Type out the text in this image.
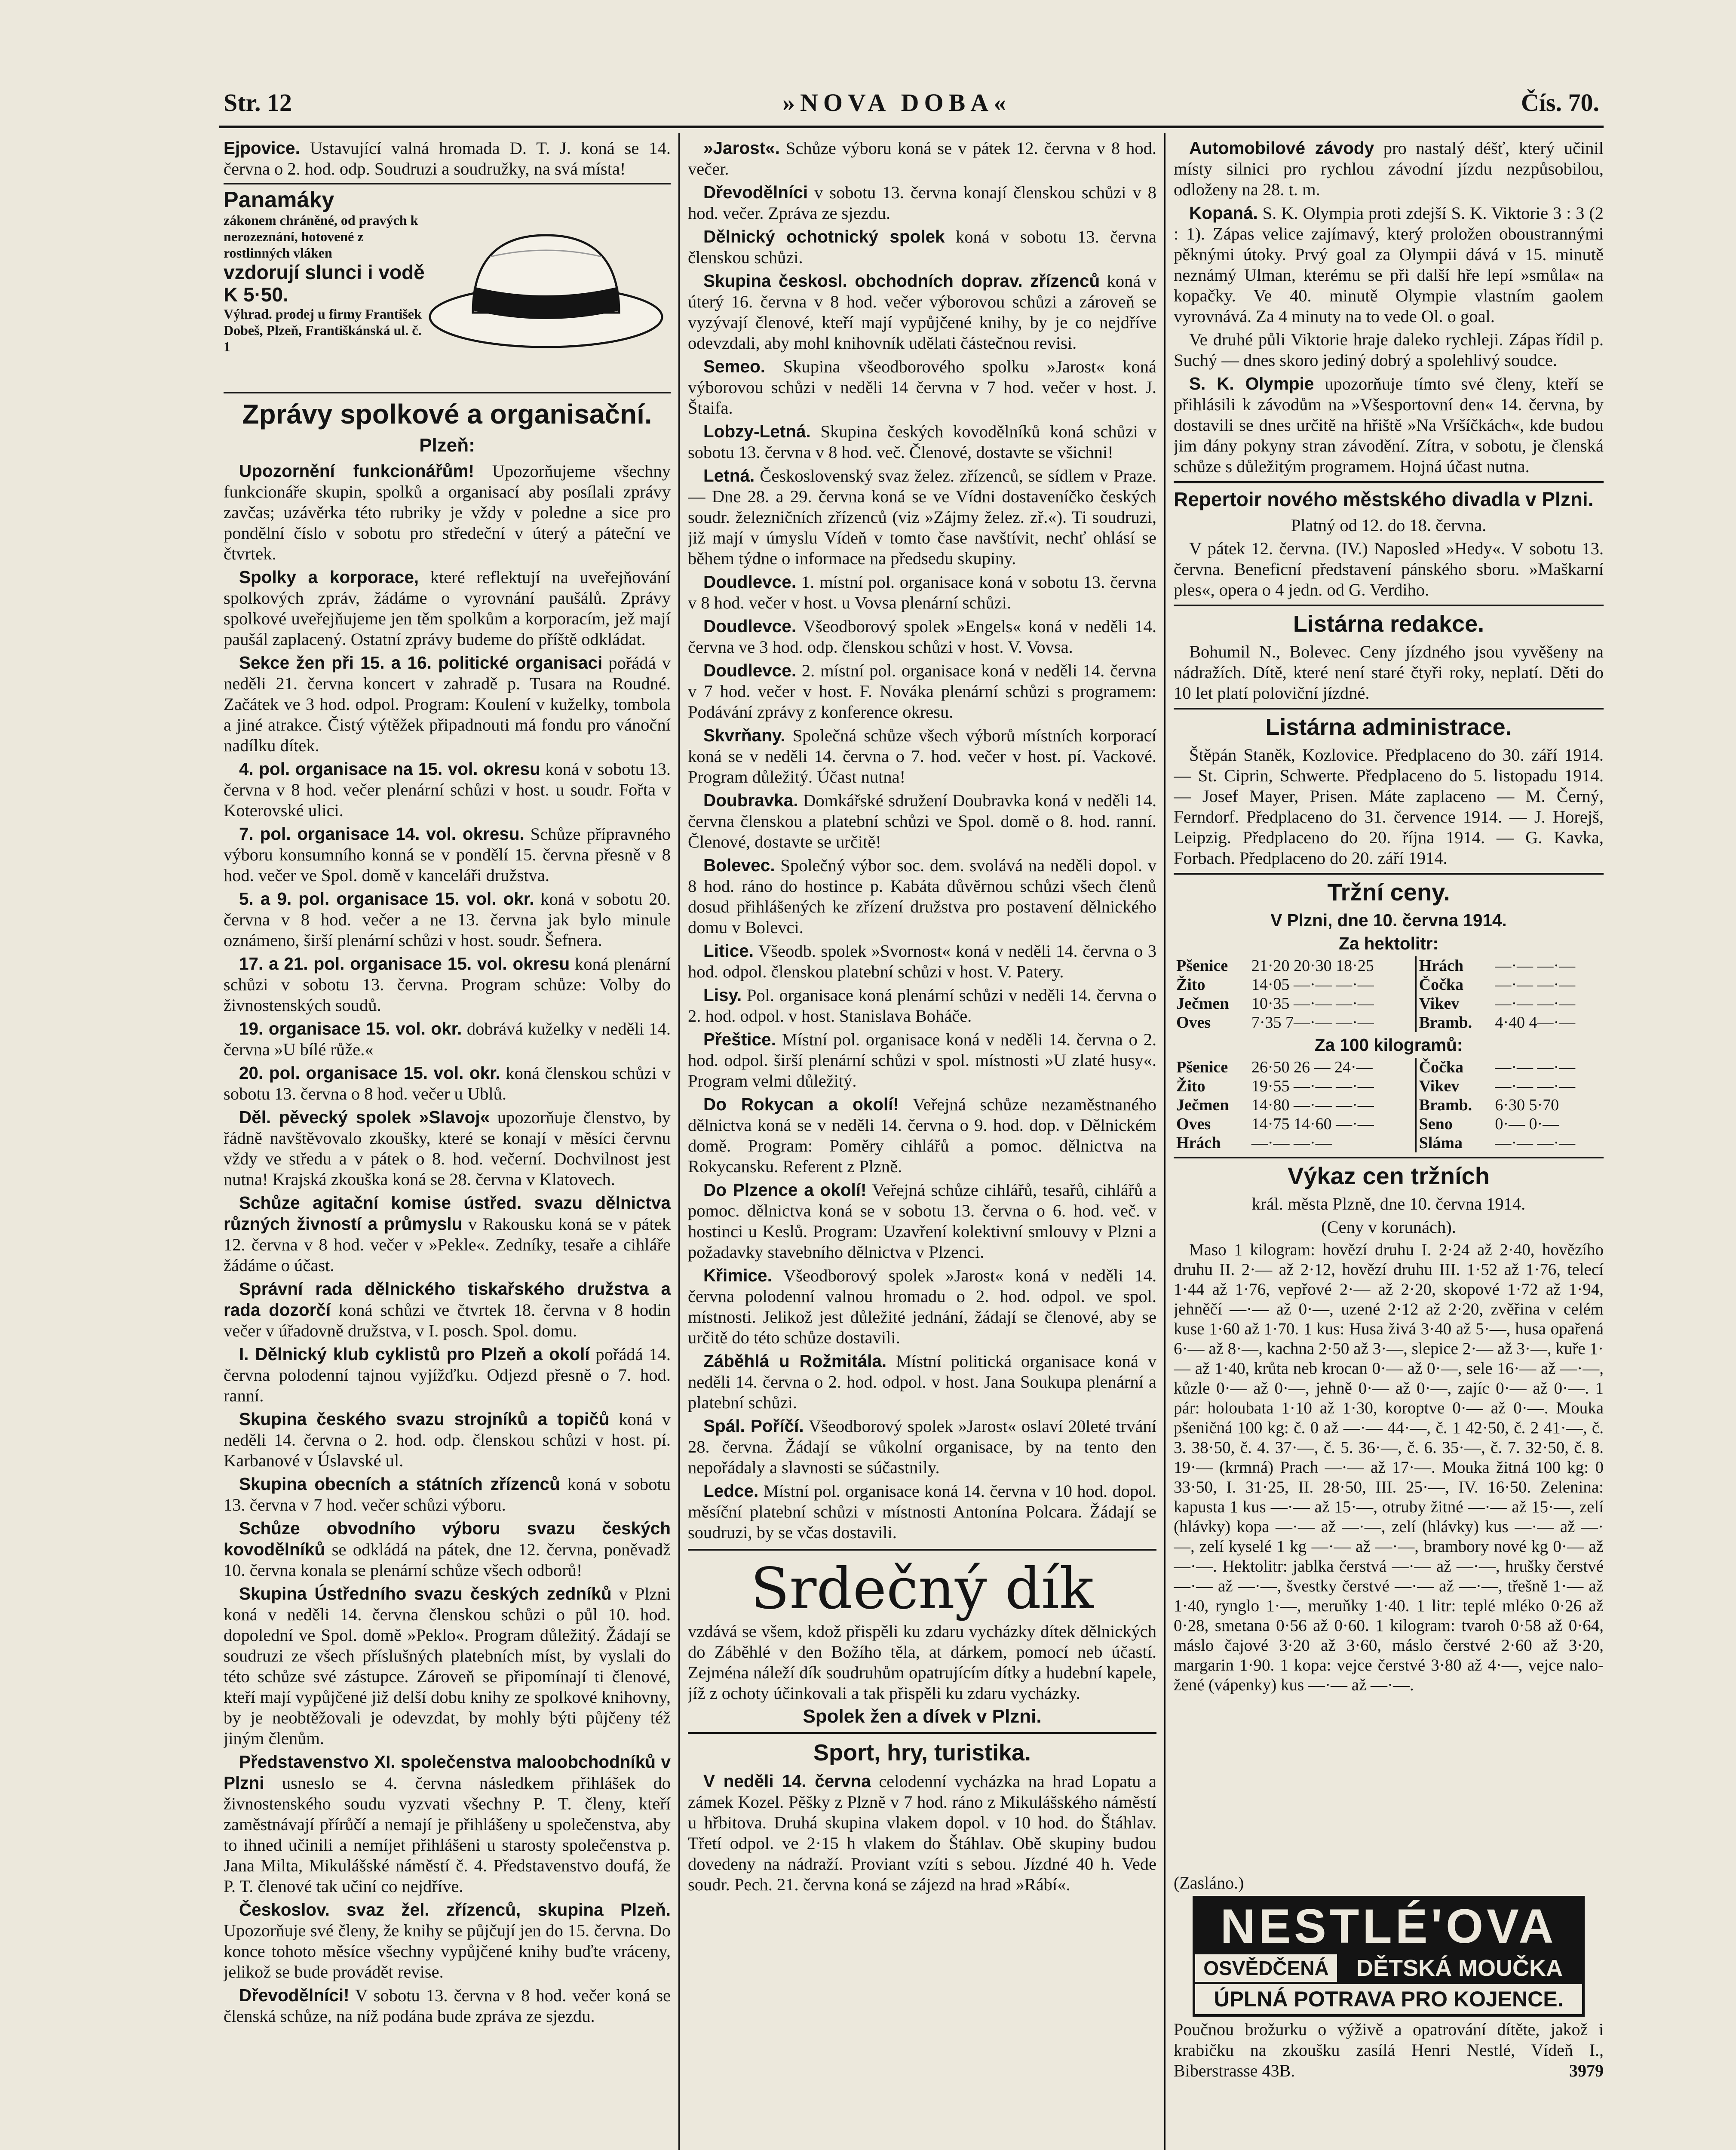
Str. 12	»NOVA DOBA«	Čís. 70.

Ejpovice. Ustavující valná hromada D. T. J. koná se 14. června o 2. hod. odp. Soudruzi a soudružky, na svá místa!

Panamáky
zákonem chráněné, od pravých k nerozeznání, hotovené z rostlinných vláken
vzdorují slunci i vodě K 5·50.
Výhrad. prodej u firmy František Dobeš, Plzeň, Františkánská ul. č. 1
Zprávy spolkové a organisační.
Plzeň:

Upozornění funkcionářům! Upozorňujeme všechny funkcionáře skupin, spolků a organisací aby posílali zprávy zavčas; uzávěrka této rubriky je vždy v poledne a sice pro pondělní číslo v sobotu pro středeční v úterý a páteční ve čtvrtek.

Spolky a korporace, které reflektují na uveřejňování spolkových zpráv, žádáme o vyrovnání paušálů. Zprávy spolkové uveřejňujeme jen těm spolkům a korporacím, jež mají paušál zaplacený. Ostatní zprávy budeme do příště odkládat.

Sekce žen při 15. a 16. politické organisaci pořádá v neděli 21. června koncert v zahradě p. Tusara na Roudné. Začátek ve 3 hod. odpol. Program: Koulení v kuželky, tombola a jiné atrakce. Čistý výtěžek připadnouti má fondu pro vánoční nadílku dítek.

4. pol. organisace na 15. vol. okresu koná v sobotu 13. června v 8 hod. večer plenární schůzi v host. u soudr. Fořta v Koterovské ulici.

7. pol. organisace 14. vol. okresu. Schůze přípravného výboru konsumního konná se v pondělí 15. června přesně v 8 hod. večer ve Spol. domě v kanceláři družstva.

5. a 9. pol. organisace 15. vol. okr. koná v sobotu 20. června v 8 hod. večer a ne 13. června jak bylo minule oznámeno, širší plenární schůzi v host. soudr. Šefnera.

17. a 21. pol. organisace 15. vol. okresu koná plenární schůzi v sobotu 13. června. Program schůze: Volby do živnostenských soudů.

19. organisace 15. vol. okr. dobrává kuželky v neděli 14. června »U bílé růže.«

20. pol. organisace 15. vol. okr. koná členskou schůzi v sobotu 13. června o 8 hod. večer u Ublů.

Děl. pěvecký spolek »Slavoj« upozorňuje členstvo, by řádně navštěvovalo zkoušky, které se konají v měsíci červnu vždy ve středu a v pátek o 8. hod. večerní. Dochvilnost jest nutna! Krajská zkouška koná se 28. června v Klatovech.

Schůze agitační komise ústřed. svazu dělnictva různých živností a průmyslu v Rakousku koná se v pátek 12. června v 8 hod. večer v »Pekle«. Zedníky, tesaře a cihláře žádáme o účast.

Správní rada dělnického tiskařského družstva a rada dozorčí koná schůzi ve čtvrtek 18. června v 8 hodin večer v úřadovně družstva, v I. posch. Spol. domu.

I. Dělnický klub cyklistů pro Plzeň a okolí pořádá 14. června polodenní tajnou vyjížďku. Odjezd přesně o 7. hod. ranní.

Skupina českého svazu strojníků a topičů koná v neděli 14. června o 2. hod. odp. členskou schůzi v host. pí. Karbanové v Úslavské ul.

Skupina obecních a státních zřízenců koná v sobotu 13. června v 7 hod. večer schůzi výboru.

Schůze obvodního výboru svazu českých kovodělníků se odkládá na pátek, dne 12. června, poněvadž 10. června konala se plenární schůze všech odborů!

Skupina Ústředního svazu českých zedníků v Plzni koná v neděli 14. června členskou schůzi o půl 10. hod. dopolední ve Spol. domě »Peklo«. Program důležitý. Žádají se soudruzi ze všech příslušných platebních míst, by vyslali do této schůze své zástupce. Zároveň se připomínají ti členové, kteří mají vypůjčené již delší dobu knihy ze spolkové knihovny, by je neobtěžovali je odevzdat, by mohly býti půjčeny též jiným členům.

Představenstvo XI. společenstva maloobchodníků v Plzni usneslo se 4. června následkem přihlášek do živnostenského soudu vyzvati všechny P. T. členy, kteří zaměstnávají přírůčí a nemají je přihlášeny u společenstva, aby to ihned učinili a nemíjet přihlášeni u starosty společenstva p. Jana Milta, Mikulášské náměstí č. 4. Představenstvo doufá, že P. T. členové tak učiní co nejdříve.

Českoslov. svaz žel. zřízenců, skupina Plzeň. Upozorňuje své členy, že knihy se půjčují jen do 15. června. Do konce tohoto měsíce všechny vypůjčené knihy buďte vráceny, jelikož se bude provádět revise.

Dřevodělníci! V sobotu 13. června v 8 hod. večer koná se členská schůze, na níž podána bude zpráva ze sjezdu.

»Jarost«. Schůze výboru koná se v pátek 12. června v 8 hod. večer.

Dřevodělníci v sobotu 13. června konají členskou schůzi v 8 hod. večer. Zpráva ze sjezdu.

Dělnický ochotnický spolek koná v sobotu 13. června členskou schůzi.

Skupina českosl. obchodních doprav. zřízenců koná v úterý 16. června v 8 hod. večer výborovou schůzi a zároveň se vyzývají členové, kteří mají vypůjčené knihy, by je co nejdříve odevzdali, aby mohl knihovník udělati částečnou revisi.

Semeo. Skupina všeodborového spolku »Jarost« koná výborovou schůzi v neděli 14 června v 7 hod. večer v host. J. Štaifa.

Lobzy-Letná. Skupina českých kovodělníků koná schůzi v sobotu 13. června v 8 hod. več. Členové, dostavte se všichni!

Letná. Československý svaz želez. zřízenců, se sídlem v Praze. — Dne 28. a 29. června koná se ve Vídni dostaveníčko českých soudr. železničních zřízenců (viz »Zájmy želez. zř.«). Ti soudruzi, již mají v úmyslu Vídeň v tomto čase navštívit, nechť ohlásí se během týdne o informace na předsedu skupiny.

Doudlevce. 1. místní pol. organisace koná v sobotu 13. června v 8 hod. večer v host. u Vovsa plenární schůzi.

Doudlevce. Všeodborový spolek »Engels« koná v neděli 14. června ve 3 hod. odp. členskou schůzi v host. V. Vovsa.

Doudlevce. 2. místní pol. organisace koná v neděli 14. června v 7 hod. večer v host. F. Nováka plenární schůzi s programem: Podávání zprávy z konference okresu.

Skvrňany. Společná schůze všech výborů místních korporací koná se v neděli 14. června o 7. hod. večer v host. pí. Vackové. Program důležitý. Účast nutna!

Doubravka. Domkářské sdružení Doubravka koná v neděli 14. června členskou a platební schůzi ve Spol. domě o 8. hod. ranní. Členové, dostavte se určitě!

Bolevec. Společný výbor soc. dem. svolává na neděli dopol. v 8 hod. ráno do hostince p. Kabáta důvěrnou schůzi všech členů dosud přihlášených ke zřízení družstva pro postavení dělnického domu v Bolevci.

Litice. Všeodb. spolek »Svornost« koná v neděli 14. června o 3 hod. odpol. členskou platební schůzi v host. V. Patery.

Lisy. Pol. organisace koná plenární schůzi v neděli 14. června o 2. hod. odpol. v host. Stanislava Boháče.

Přeštice. Místní pol. organisace koná v neděli 14. června o 2. hod. odpol. širší plenární schůzi v spol. místnosti »U zlaté husy«. Program velmi důležitý.

Do Rokycan a okolí! Veřejná schůze nezaměstnaného dělnictva koná se v neděli 14. června o 9. hod. dop. v Dělnickém domě. Program: Poměry cihlářů a pomoc. dělnictva na Rokycansku. Referent z Plzně.

Do Plzence a okolí! Veřejná schůze cihlářů, tesařů, cihlářů a pomoc. dělnictva koná se v sobotu 13. června o 6. hod. več. v hostinci u Keslů. Program: Uzavření kolektivní smlouvy v Plzni a požadavky stavebního dělnictva v Plzenci.

Křimice. Všeodborový spolek »Jarost« koná v neděli 14. června polodenní valnou hromadu o 2. hod. odpol. ve spol. místnosti. Jelikož jest důležité jednání, žádají se členové, aby se určitě do této schůze dostavili.

Záběhlá u Rožmitála. Místní politická organisace koná v neděli 14. června o 2. hod. odpol. v host. Jana Soukupa plenární a platební schůzi.

Spál. Poříčí. Všeodborový spolek »Jarost« oslaví 20leté trvání 28. června. Žádají se vůkolní organisace, by na tento den nepořádaly a slavnosti se súčastnily.

Ledce. Místní pol. organisace koná 14. června v 10 hod. dopol. měsíční platební schůzi v místnosti Antonína Polcara. Žádají se soudruzi, by se včas dostavili.

Srdečný dík

vzdává se všem, kdož přispěli ku zdaru vycházky dítek dělnických do Záběhlé v den Božího těla, at dárkem, pomocí neb účastí. Zejména náleží dík soudruhům opatrujícím dítky a hudební kapele, jíž z ochoty účinkovali a tak přispěli ku zdaru vycházky.

Spolek žen a dívek v Plzni.

Sport, hry, turistika.

V neděli 14. června celodenní vycházka na hrad Lopatu a zámek Kozel. Pěšky z Plzně v 7 hod. ráno z Mikulášského náměstí u hřbitova. Druhá skupina vlakem dopol. v 10 hod. do Štáhlav. Třetí odpol. ve 2·15 h vlakem do Štáhlav. Obě skupiny budou dovedeny na nádraží. Proviant vzíti s sebou. Jízdné 40 h. Vede soudr. Pech. 21. června koná se zájezd na hrad »Rábí«.

Automobilové závody pro nastalý déšť, který učinil místy silnici pro rychlou závodní jízdu nezpůsobilou, odloženy na 28. t. m.

Kopaná. S. K. Olympia proti zdejší S. K. Viktorie 3 : 3 (2 : 1). Zápas velice zajímavý, který proložen oboustrannými pěknými útoky. Prvý goal za Olympii dává v 15. minutě neznámý Ulman, kterému se při další hře lepí »smůla« na kopačky. Ve 40. minutě Olympie vlastním gaolem vyrovnává. Za 4 minuty na to vede Ol. o goal.

Ve druhé půli Viktorie hraje daleko rychleji. Zápas řídil p. Suchý — dnes skoro jediný dobrý a spolehlivý soudce.

S. K. Olympie upozorňuje tímto své členy, kteří se přihlásili k závodům na »Všesportovní den« 14. června, by dostavili se dnes určitě na hřiště »Na Vršíčkách«, kde budou jim dány pokyny stran závodění. Zítra, v sobotu, je členská schůze s důležitým programem. Hojná účast nutna.

Repertoir nového městského divadla v Plzni.

Platný od 12. do 18. června.

V pátek 12. června. (IV.) Naposled »Hedy«. V sobotu 13. června. Beneficní představení pánského sboru. »Maškarní ples«, opera o 4 jedn. od G. Verdiho.

Listárna redakce.

Bohumil N., Bolevec. Ceny jízdného jsou vyvěšeny na nádražích. Dítě, které není staré čtyři roky, neplatí. Děti do 10 let platí poloviční jízdné.

Listárna administrace.

Štěpán Staněk, Kozlovice. Předplaceno do 30. září 1914. — St. Ciprin, Schwerte. Předplaceno do 5. listopadu 1914. — Josef Mayer, Prisen. Máte zaplaceno — M. Černý, Ferndorf. Předplaceno do 31. července 1914. — J. Horejš, Leipzig. Předplaceno do 20. října 1914. — G. Kavka, Forbach. Předplaceno do 20. září 1914.

Tržní ceny.

V Plzni, dne 10. června 1914.

Za hektolitr:

Pšenice	21·20 20·30 18·25	Hrách	—·— —·—
Žito	14·05 —·— —·—	Čočka	—·— —·—
Ječmen	10·35 —·— —·—	Vikev	—·— —·—
Oves	7·35 7—·— —·—	Bramb.	4·40 4—·—

Za 100 kilogramů:

Pšenice	26·50 26 — 24·—	Čočka	—·— —·—
Žito	19·55 —·— —·—	Vikev	—·— —·—
Ječmen	14·80 —·— —·—	Bramb.	6·30 5·70
Oves	14·75 14·60 —·—	Seno	0·— 0·—
Hrách	—·— —·—	Sláma	—·— —·—
Výkaz cen tržních

král. města Plzně, dne 10. června 1914.

(Ceny v korunách).

Maso 1 kilogram: hovězí druhu I. 2·24 až 2·40, hovězího druhu II. 2·— až 2·12, hovězí druhu III. 1·52 až 1·76, telecí 1·44 až 1·76, vepřové 2·— až 2·20, skopové 1·72 až 1·94, jehněčí —·— až 0·—, uzené 2·12 až 2·20, zvěřina v celém kuse 1·60 až 1·70. 1 kus: Husa živá 3·40 až 5·—, husa opařená 6·— až 8·—, kachna 2·50 až 3·—, slepice 2·— až 3·—, kuře 1·— až 1·40, krůta neb krocan 0·— až 0·—, sele 16·— až —·—, kůzle 0·— až 0·—, jehně 0·— až 0·—, zajíc 0·— až 0·—. 1 pár: holoubata 1·10 až 1·30, koroptve 0·— až 0·—. Mouka pšeničná 100 kg: č. 0 až —·— 44·—, č. 1 42·50, č. 2 41·—, č. 3. 38·50, č. 4. 37·—, č. 5. 36·—, č. 6. 35·—, č. 7. 32·50, č. 8. 19·— (krmná) Prach —·— až 17·—. Mouka žitná 100 kg: 0 33·50, I. 31·25, II. 28·50, III. 25·—, IV. 16·50. Zelenina: kapusta 1 kus —·— až 15·—, otruby žitné —·— až 15·—, zelí (hlávky) kopa —·— až —·—, zelí (hlávky) kus —·— až —·—, zelí kyselé 1 kg —·— až —·—, brambory nové kg 0·— až —·—. Hektolitr: jablka čerstvá —·— až —·—, hrušky čerstvé —·— až —·—, švestky čerstvé —·— až —·—, třešně 1·— až 1·40, rynglo 1·—, meruňky 1·40. 1 litr: teplé mléko 0·26 až 0·28, smetana 0·56 až 0·60. 1 kilogram: tvaroh 0·58 až 0·64, máslo čajové 3·20 až 3·60, máslo čerstvé 2·60 až 3·20, margarin 1·90. 1 kopa: vejce čerstvé 3·80 až 4·—, vejce naložené (vápenky) kus —·— až —·—.

(Zasláno.)

NESTLÉ'OVA
OSVĚDČENÁ	DĚTSKÁ MOUČKA
ÚPLNÁ POTRAVA PRO KOJENCE.

Poučnou brožurku o výživě a opatrování dítěte, jakož i krabičku na zkoušku zasílá Henri Nestlé, Vídeň I., Biberstrasse 43B.	3979
